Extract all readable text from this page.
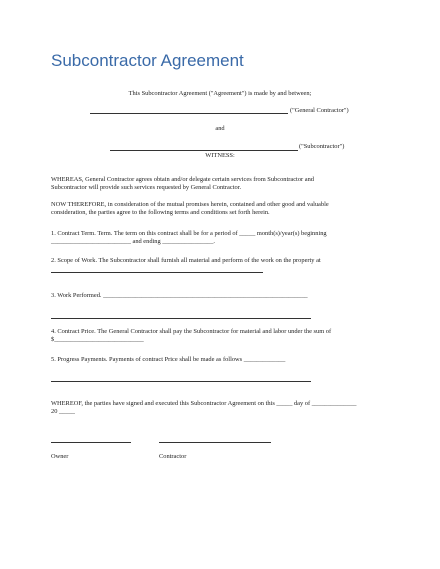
Subcontractor Agreement
This Subcontractor Agreement ("Agreement") is made by and between;
("General Contractor")
and
("Subcontractor")
WITNESS:
WHEREAS, General Contractor agrees obtain and/or delegate certain services from Subcontractor and
Subcontractor will provide such services requested by General Contractor.
NOW THEREFORE, in consideration of the mutual promises herein, contained and other good and valuable
consideration, the parties agree to the following terms and conditions set forth herein.
1. Contract Term. Term. The term on this contract shall be for a period of _____ month(s)/year(s) beginning
_________________________ and ending ________________.
2. Scope of Work. The Subcontractor shall furnish all material and perform of the work on the property at
3. Work Performed. ________________________________________________________________
4. Contract Price. The General Contractor shall pay the Subcontractor for material and labor under the sum of
$____________________________
5. Progress Payments. Payments of contract Price shall be made as follows _____________
WHEREOF, the parties have signed and executed this Subcontractor Agreement on this _____ day of ______________
20 _____
Owner	Contractor
